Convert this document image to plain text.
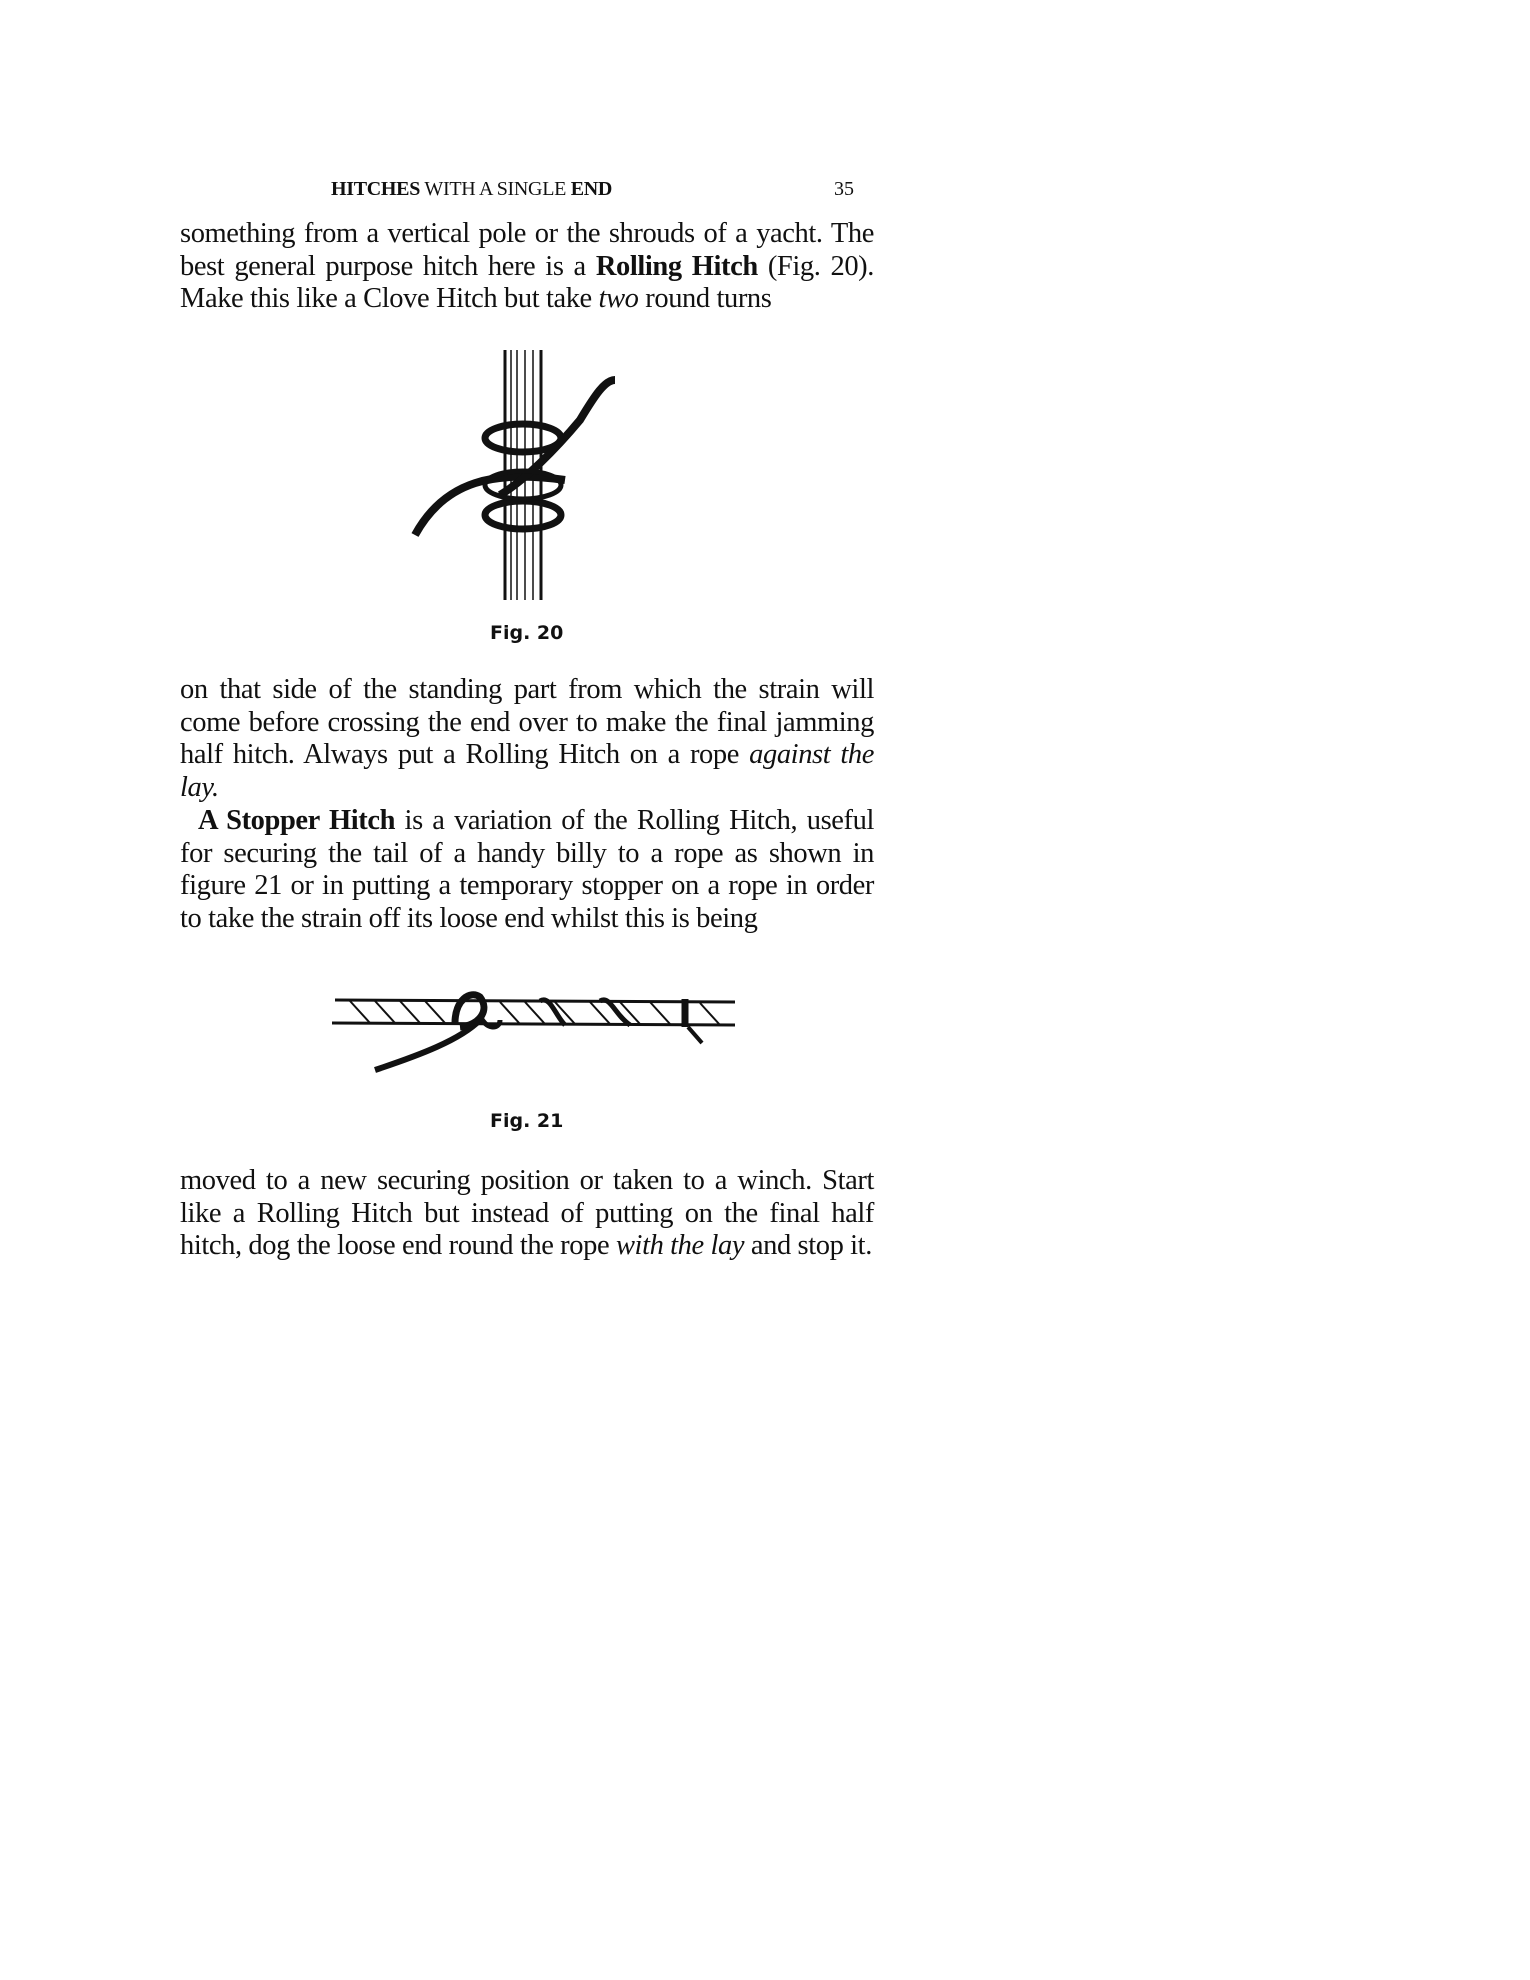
HITCHES WITH A SINGLE END	35
something from a vertical pole or the shrouds of a yacht. The best general purpose hitch here is a Rolling Hitch (Fig. 20). Make this like a Clove Hitch but take two round turns
Fig. 20
on that side of the standing part from which the strain will come before crossing the end over to make the final jamming half hitch. Always put a Rolling Hitch on a rope against the lay.
A Stopper Hitch is a variation of the Rolling Hitch, useful for securing the tail of a handy billy to a rope as shown in figure 21 or in putting a temporary stopper on a rope in order to take the strain off its loose end whilst this is being
Fig. 21
moved to a new securing position or taken to a winch. Start like a Rolling Hitch but instead of putting on the final half hitch, dog the loose end round the rope with the lay and stop it.
